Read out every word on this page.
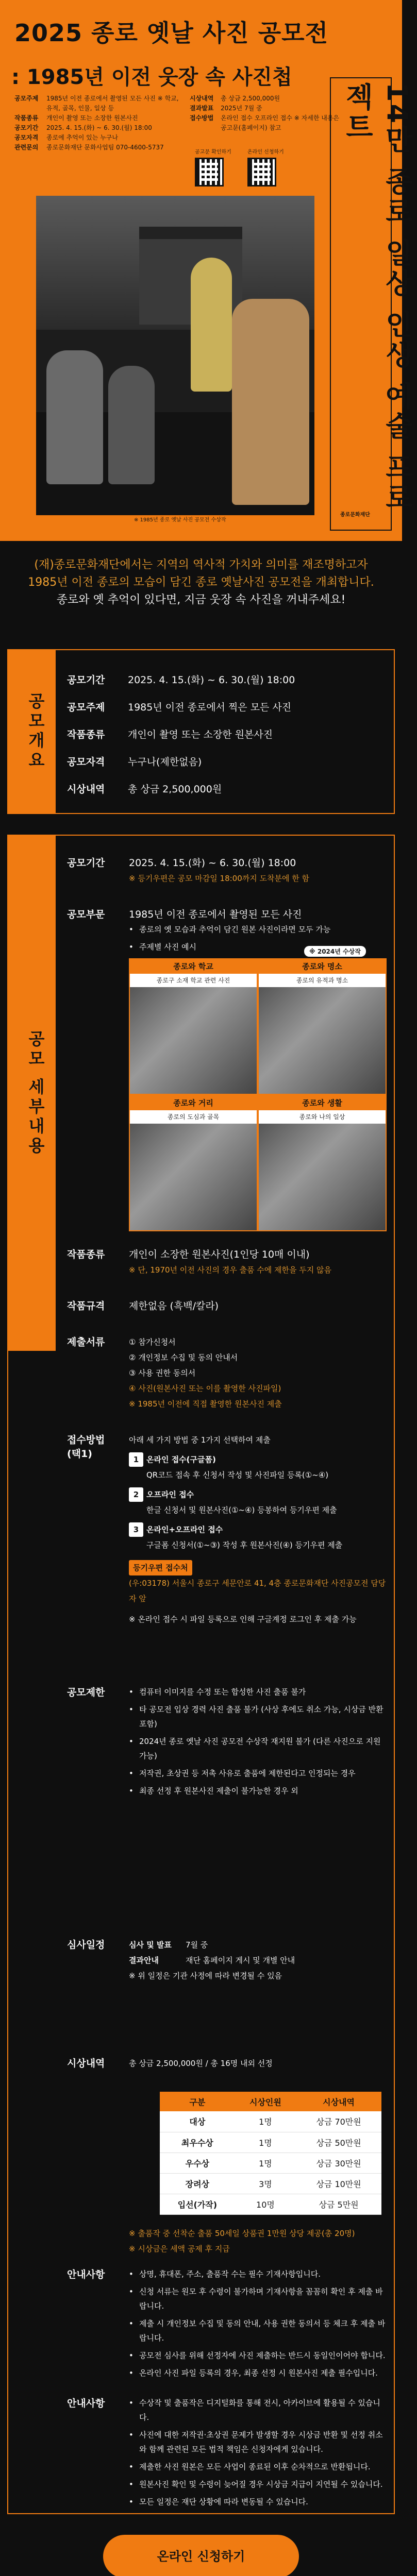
2025 종로 옛날 사진 공모전
: 1985년 이전 웃장 속 사진첩
공모주제	1985년 이전 종로에서 촬영된 모든 사진 ※ 학교, 유적, 골목, 인물, 일상 등
작품종류	개인이 촬영 또는 소장한 원본사진
공모기간	2025. 4. 15.(화) ~ 6. 30.(월) 18:00
공모자격	종로에 추억이 있는 누구나
관련문의	종로문화재단 문화사업팀 070-4600-5737
시상내역	총 상금 2,500,000원
결과발표	2025년 7월 중
접수방법	온라인 접수 오프라인 접수 ※ 자세한 내용은 공고문(홈페이지) 참고
공고문 확인하기	온라인 신청하기
※ 1985년 종로 옛날 사진 공모전 수상작
14만 종로 일상 인생 예술 프로젝트
종로문화재단
(재)종로문화재단에서는 지역의 역사적 가치와 의미를 재조명하고자
1985년 이전 종로의 모습이 담긴 종로 옛날사진 공모전을 개최합니다.
종로와 옛 추억이 있다면, 지금 웃장 속 사진을 꺼내주세요!
공모개요
공모기간	2025. 4. 15.(화) ~ 6. 30.(월) 18:00
공모주제	1985년 이전 종로에서 찍은 모든 사진
작품종류	개인이 촬영 또는 소장한 원본사진
공모자격	누구나(제한없음)
시상내역	총 상금 2,500,000원
공모 세부내용
공모기간	2025. 4. 15.(화) ~ 6. 30.(월) 18:00
※ 등기우편은 공모 마감일 18:00까지 도착분에 한 함
공모부문	1985년 이전 종로에서 촬영된 모든 사진
• 종로의 옛 모습과 추억이 담긴 원본 사진이라면 모두 가능
• 주제별 사진 예시	※ 2024년 수상작
종로와 학교
종로구 소재 학교 관련 사진
종로와 명소
종로의 유적과 명소
종로와 거리
종로의 도심과 골목
종로와 생활
종로와 나의 일상
작품종류	개인이 소장한 원본사진(1인당 10매 이내)
※ 단, 1970년 이전 사진의 경우 출품 수에 제한을 두지 않음
작품규격	제한없음 (흑백/칼라)
제출서류	① 참가신청서
② 개인정보 수집 및 동의 안내서
③ 사용 권한 동의서
④ 사진(원본사진 또는 이를 촬영한 사진파일)
※ 1985년 이전에 직접 촬영한 원본사진 제출
접수방법
(택1)
아래 세 가지 방법 중 1가지 선택하여 제출
1 온라인 접수(구글폼)
QR코드 접속 후 신청서 작성 및 사진파일 등록(①~④)
2 오프라인 접수
한글 신청서 및 원본사진(①~④) 등봉하여 등기우편 제출
3 온라인+오프라인 접수
구글폼 신청서(①~③) 작성 후 원본사진(④) 등기우편 제출
등기우편 접수처
(우:03178) 서울시 종로구 세문안로 41, 4층 종로문화재단 사진공모전 담당자 앞
※ 온라인 접수 시 파일 등록으로 인해 구글계정 로그인 후 제출 가능
공모제한	• 컴퓨터 이미지를 수정 또는 합성한 사진 출품 불가
• 타 공모전 입상 경력 사진 출품 불가 (사상 후에도 취소 가능, 시상금 반환 포함)
• 2024년 종로 옛날 사진 공모전 수상작 재지원 불가 (다른 사진으로 지원 가능)
• 저작권, 초상권 등 저촉 사유로 출품에 제한된다고 인정되는 경우
• 최종 선정 후 원본사진 제출이 불가능한 경우 외
심사일정	심사 및 발표 7월 중
결과안내	재단 홈페이지 게시 및 개별 안내
※ 위 일정은 기관 사정에 따라 변경될 수 있음
시상내역	총 상금 2,500,000원 / 총 16명 내외 선정
구분	시상인원	시상내역
대상	1명	상금 70만원
최우수상	1명	상금 50만원
우수상	1명	상금 30만원
장려상	3명	상금 10만원
입선(가작)	10명	상금 5만원
※ 출품작 중 선착순 출품 50세일 상품권 1만원 상당 제공(총 20명)
※ 시상금은 세액 공제 후 지급
안내사항	• 상명, 휴대폰, 주소, 출품작 수는 필수 기재사항입니다.
• 신청 서류는 원모 후 수령이 불가하며 기재사항을 꼼꼼히 확인 후 제출 바랍니다.
• 제출 시 개인정보 수집 및 동의 안내, 사용 권한 동의서 등 체크 후 제출 바랍니다.
• 공모전 심사를 위해 선정자에 사진 제출하는 반드시 동일인이어야 합니다.
• 온라인 사진 파일 등록의 경우, 최종 선정 시 원본사진 제출 필수입니다.
안내사항	• 수상작 및 출품작은 디지털화를 통해 전시, 아카이브에 활용될 수 있습니다.
• 사진에 대한 저작권·초상권 문제가 발생할 경우 시상금 반환 및 선정 취소와 함께 관련된 모든 법적 책임은 신청자에게 있습니다.
• 제출한 사진 원본은 모든 사업이 종료된 이후 순차적으로 반환됩니다.
• 원본사진 확인 및 수령이 늦어질 경우 시상금 지급이 지연될 수 있습니다.
• 모든 일정은 재단 상황에 따라 변동될 수 있습니다.
온라인 신청하기
